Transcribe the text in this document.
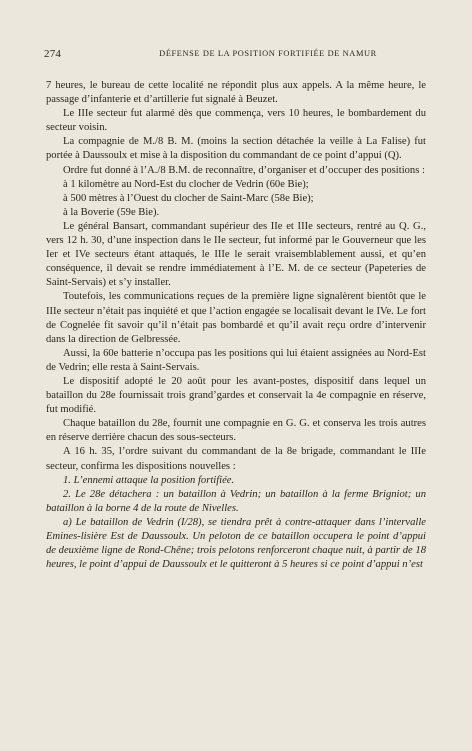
274	DÉFENSE DE LA POSITION FORTIFIÉE DE NAMUR

7 heures, le bureau de cette localité ne répondit plus aux appels. A la même heure, le passage d’infanterie et d’artillerie fut signalé à Beuzet.

Le IIIe secteur fut alarmé dès que commença, vers 10 heures, le bombardement du secteur voisin.

La compagnie de M./8 B. M. (moins la section détachée la veille à La Falise) fut portée à Daussoulx et mise à la disposition du commandant de ce point d’appui (Q).

Ordre fut donné à l’A./8 B.M. de reconnaître, d’organiser et d’occuper des positions :

à 1 kilomètre au Nord-Est du clocher de Vedrin (60e Bie);

à 500 mètres à l’Ouest du clocher de Saint-Marc (58e Bie);

à la Boverie (59e Bie).

Le général Bansart, commandant supérieur des IIe et IIIe secteurs, rentré au Q. G., vers 12 h. 30, d’une inspection dans le IIe secteur, fut informé par le Gouverneur que les Ier et IVe secteurs étant attaqués, le IIIe le serait vraisemblablement aussi, et qu’en conséquence, il devait se rendre immédiatement à l’E. M. de ce secteur (Papeteries de Saint-Servais) et s’y installer.

Toutefois, les communications reçues de la première ligne signalèrent bientôt que le IIIe secteur n’était pas inquiété et que l’action engagée se localisait devant le IVe. Le fort de Cognelée fit savoir qu’il n’était pas bombardé et qu’il avait reçu ordre d’intervenir dans la direction de Gelbressée.

Aussi, la 60e batterie n’occupa pas les positions qui lui étaient assignées au Nord-Est de Vedrin; elle resta à Saint-Servais.

Le dispositif adopté le 20 août pour les avant-postes, dispositif dans lequel un bataillon du 28e fournissait trois grand’gardes et conservait la 4e compagnie en réserve, fut modifié.

Chaque bataillon du 28e, fournit une compagnie en G. G. et conserva les trois autres en réserve derrière chacun des sous-secteurs.

A 16 h. 35, l’ordre suivant du commandant de la 8e brigade, commandant le IIIe secteur, confirma les dispositions nouvelles :

1. L’ennemi attaque la position fortifiée.

2. Le 28e détachera : un bataillon à Vedrin; un bataillon à la ferme Brigniot; un bataillon à la borne 4 de la route de Nivelles.

a) Le bataillon de Vedrin (I/28), se tiendra prêt à contre-attaquer dans l’intervalle Emines-lisière Est de Daussoulx. Un peloton de ce bataillon occupera le point d’appui de deuxième ligne de Rond-Chêne; trois pelotons renforceront chaque nuit, à partir de 18 heures, le point d’appui de Daussoulx et le quitteront à 5 heures si ce point d’appui n’est
